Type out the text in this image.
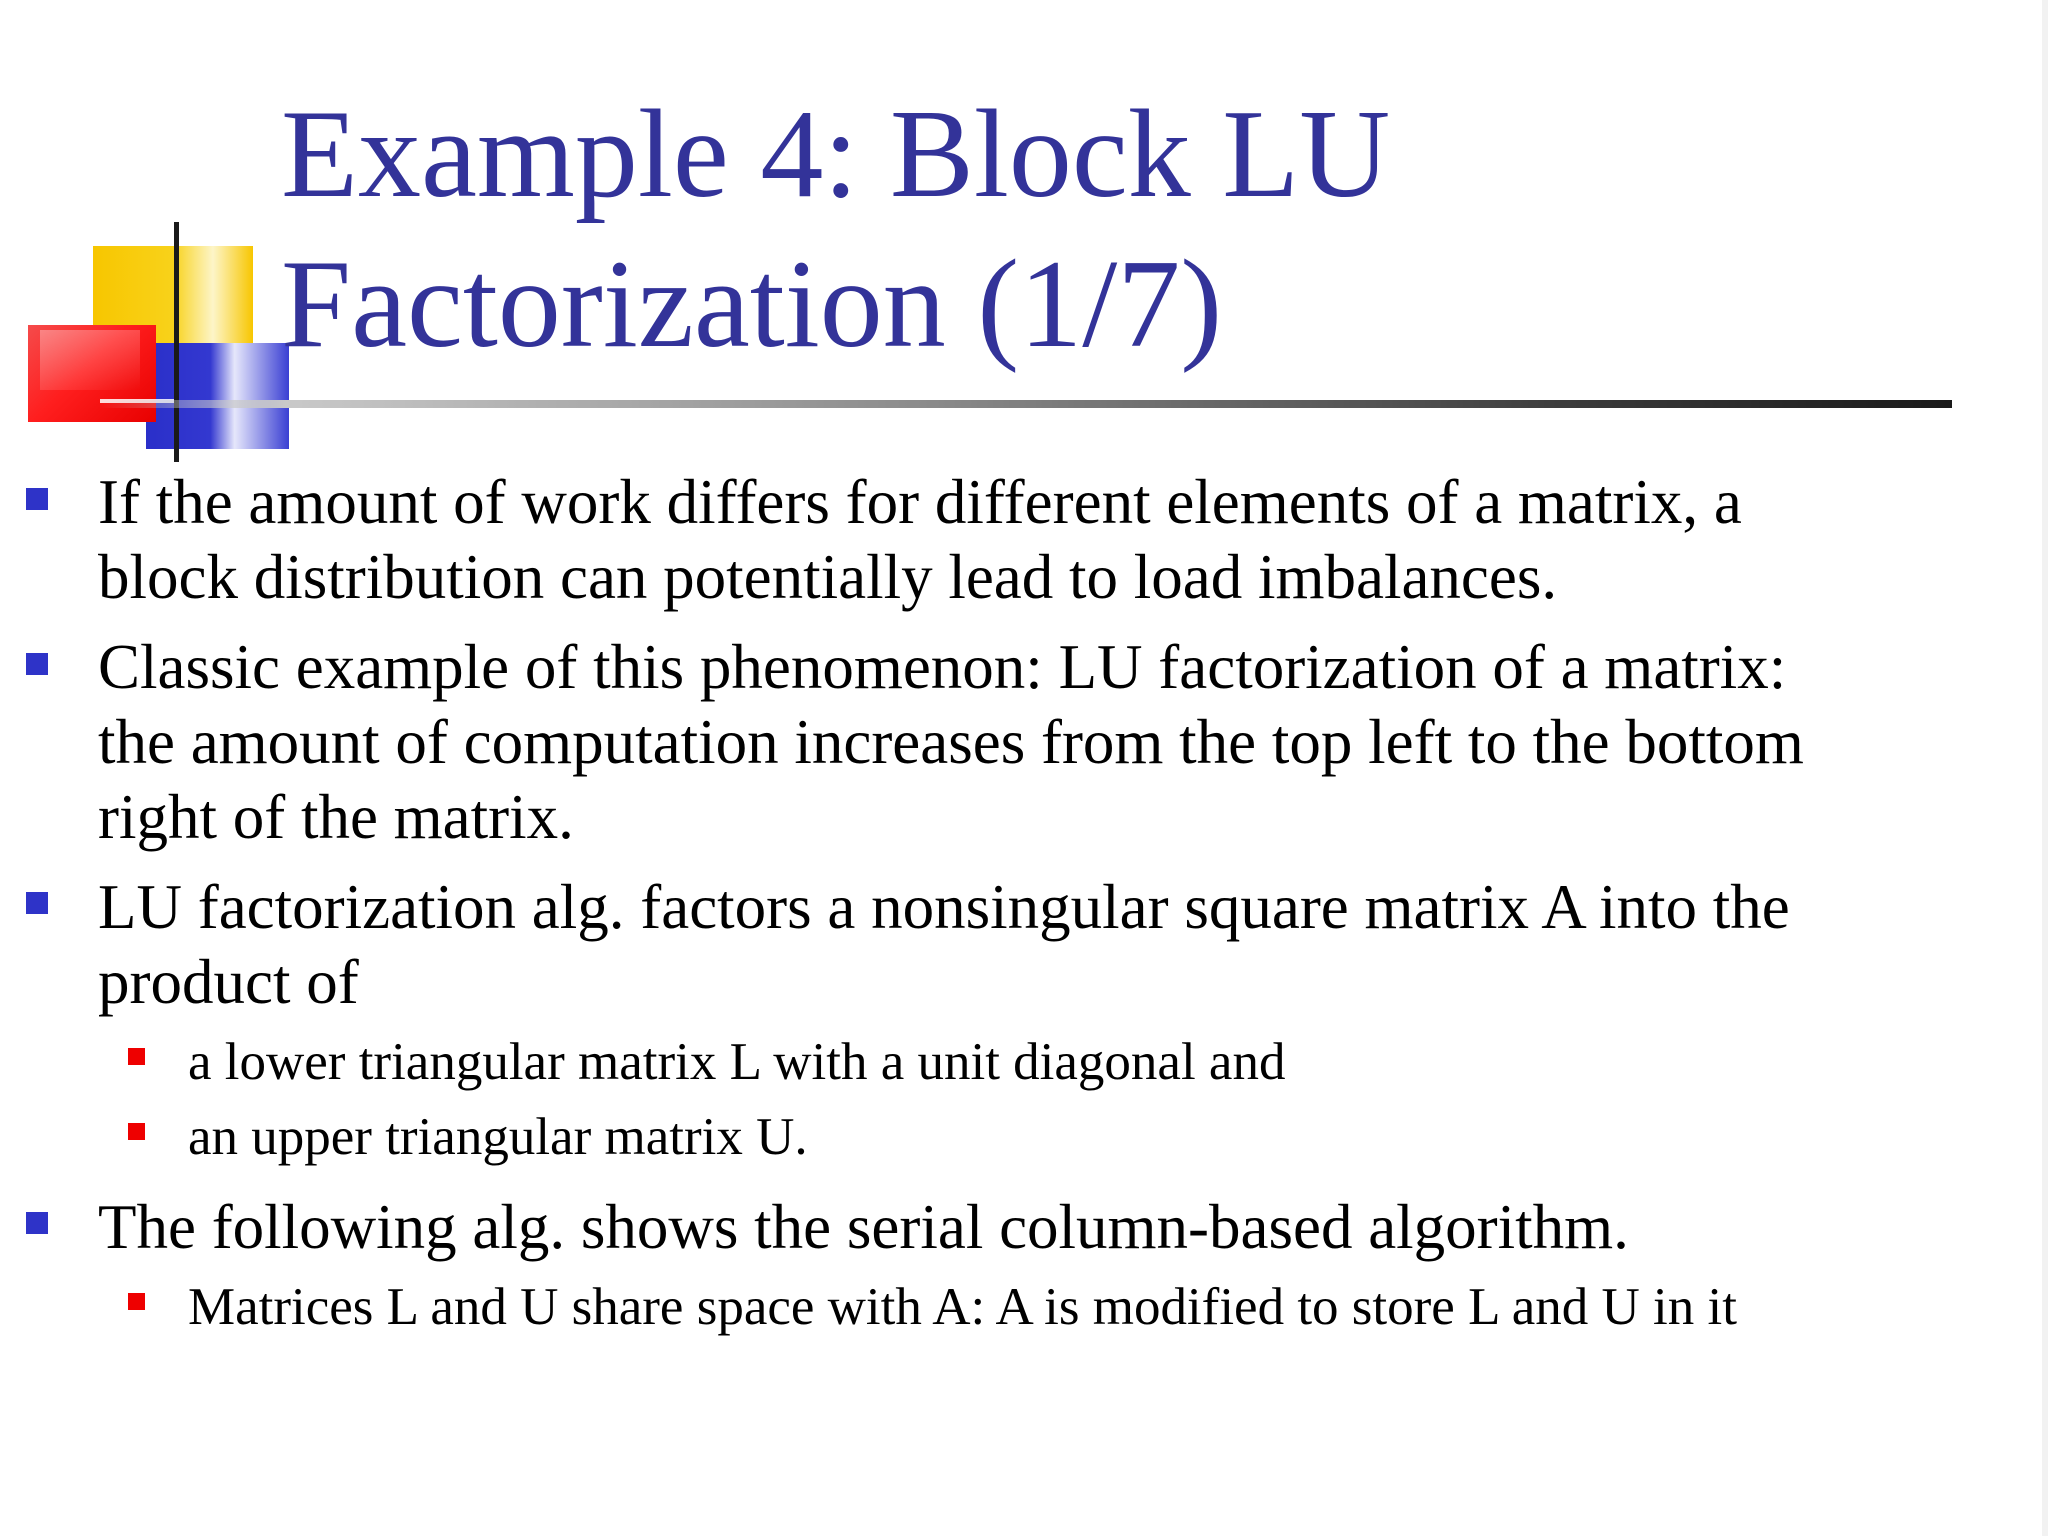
Example 4: Block LU
Factorization (1/7)

If the amount of work differs for different elements of a matrix, a
block distribution can potentially lead to load imbalances.

Classic example of this phenomenon: LU factorization of a matrix:
the amount of computation increases from the top left to the bottom
right of the matrix.

LU factorization alg. factors a nonsingular square matrix A into the
product of

a lower triangular matrix L with a unit diagonal and

an upper triangular matrix U.

The following alg. shows the serial column-based algorithm.

Matrices L and U share space with A: A is modified to store L and U in it
